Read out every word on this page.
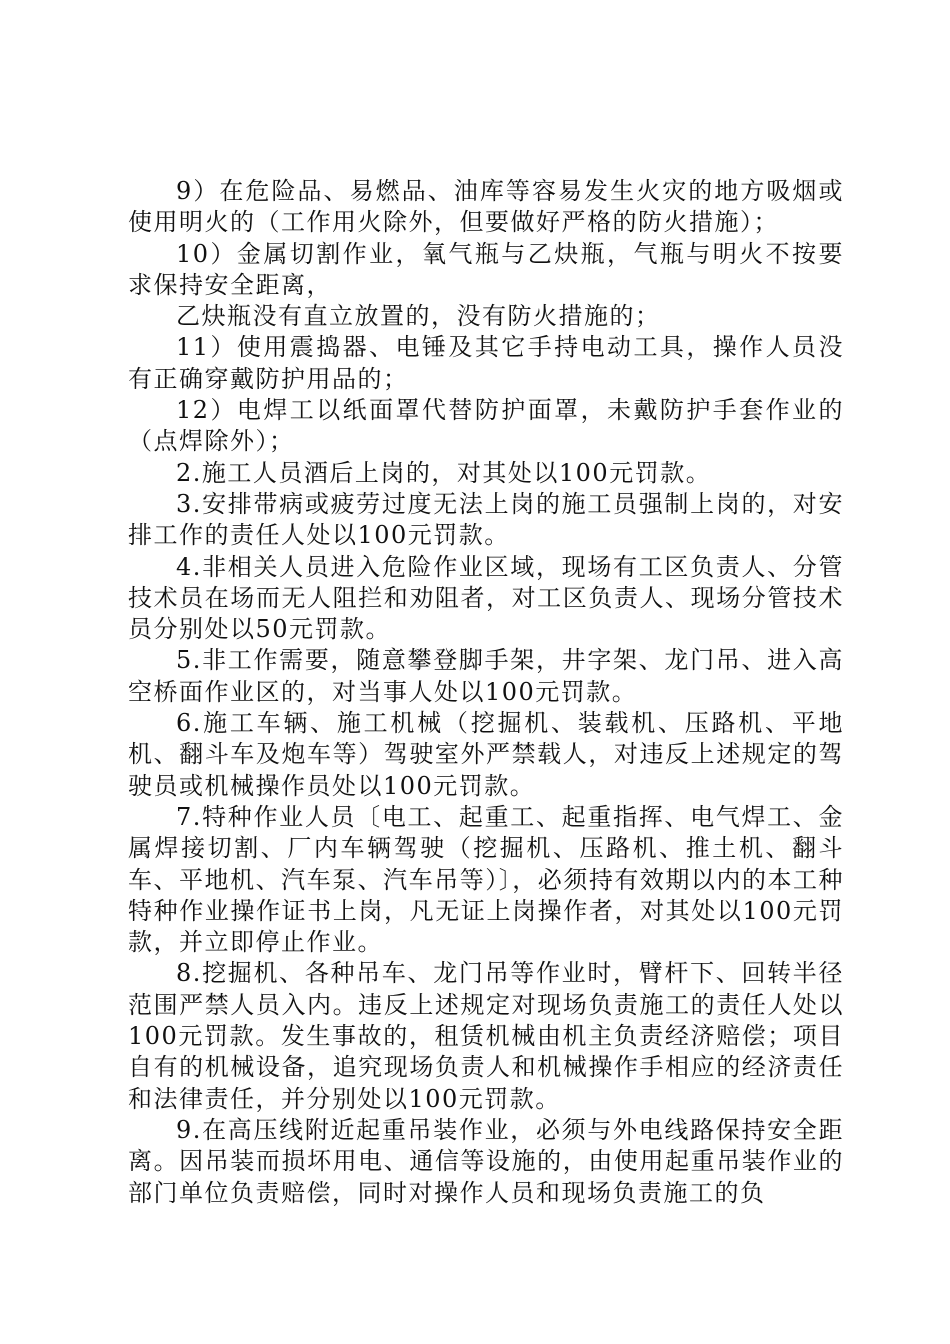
9）在危险品、易燃品、油库等容易发生火灾的地方吸烟或使用明火的（工作用火除外，但要做好严格的防火措施）；

10）金属切割作业，氧气瓶与乙炔瓶，气瓶与明火不按要求保持安全距离，

乙炔瓶没有直立放置的，没有防火措施的；

11）使用震捣器、电锤及其它手持电动工具，操作人员没有正确穿戴防护用品的；

12）电焊工以纸面罩代替防护面罩，未戴防护手套作业的（点焊除外）；

2.施工人员酒后上岗的，对其处以100元罚款。

3.安排带病或疲劳过度无法上岗的施工员强制上岗的，对安排工作的责任人处以100元罚款。

4.非相关人员进入危险作业区域，现场有工区负责人、分管技术员在场而无人阻拦和劝阻者，对工区负责人、现场分管技术员分别处以50元罚款。

5.非工作需要，随意攀登脚手架，井字架、龙门吊、进入高空桥面作业区的，对当事人处以100元罚款。

6.施工车辆、施工机械（挖掘机、装载机、压路机、平地机、翻斗车及炮车等）驾驶室外严禁载人，对违反上述规定的驾驶员或机械操作员处以100元罚款。

7.特种作业人员〔电工、起重工、起重指挥、电气焊工、金属焊接切割、厂内车辆驾驶（挖掘机、压路机、推土机、翻斗车、平地机、汽车泵、汽车吊等）〕，必须持有效期以内的本工种特种作业操作证书上岗，凡无证上岗操作者，对其处以100元罚款，并立即停止作业。

8.挖掘机、各种吊车、龙门吊等作业时，臂杆下、回转半径范围严禁人员入内。违反上述规定对现场负责施工的责任人处以100元罚款。发生事故的，租赁机械由机主负责经济赔偿；项目自有的机械设备，追究现场负责人和机械操作手相应的经济责任和法律责任，并分别处以100元罚款。

9.在高压线附近起重吊装作业，必须与外电线路保持安全距离。因吊装而损坏用电、通信等设施的，由使用起重吊装作业的部门单位负责赔偿，同时对操作人员和现场负责施工的负
